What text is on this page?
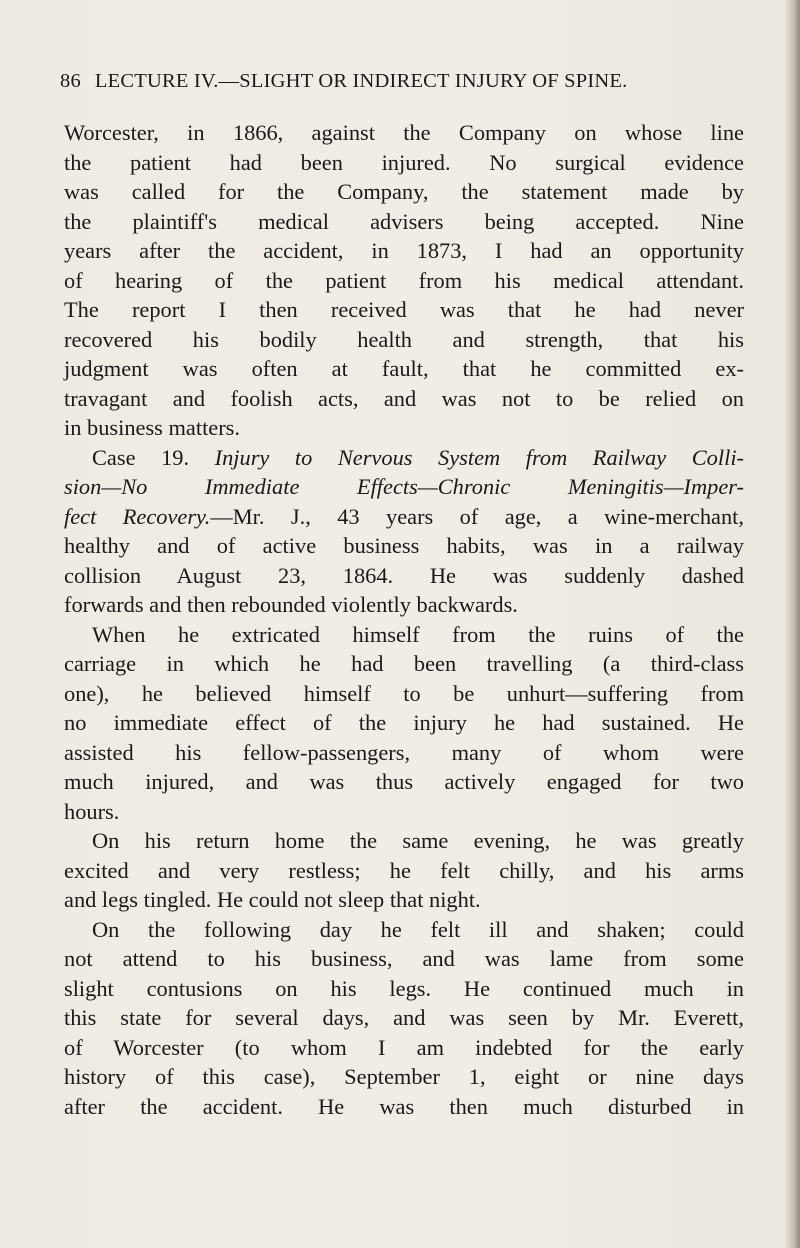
86 LECTURE IV.—SLIGHT OR INDIRECT INJURY OF SPINE.
Worcester, in 1866, against the Company on whose line
the patient had been injured. No surgical evidence
was called for the Company, the statement made by
the plaintiff's medical advisers being accepted. Nine
years after the accident, in 1873, I had an opportunity
of hearing of the patient from his medical attendant.
The report I then received was that he had never
recovered his bodily health and strength, that his
judgment was often at fault, that he committed ex-
travagant and foolish acts, and was not to be relied on
in business matters.
Case 19. Injury to Nervous System from Railway Colli-
sion—No Immediate Effects—Chronic Meningitis—Imper-
fect Recovery.—Mr. J., 43 years of age, a wine-merchant,
healthy and of active business habits, was in a railway
collision August 23, 1864. He was suddenly dashed
forwards and then rebounded violently backwards.
When he extricated himself from the ruins of the
carriage in which he had been travelling (a third-class
one), he believed himself to be unhurt—suffering from
no immediate effect of the injury he had sustained. He
assisted his fellow-passengers, many of whom were
much injured, and was thus actively engaged for two
hours.
On his return home the same evening, he was greatly
excited and very restless; he felt chilly, and his arms
and legs tingled. He could not sleep that night.
On the following day he felt ill and shaken; could
not attend to his business, and was lame from some
slight contusions on his legs. He continued much in
this state for several days, and was seen by Mr. Everett,
of Worcester (to whom I am indebted for the early
history of this case), September 1, eight or nine days
after the accident. He was then much disturbed in
